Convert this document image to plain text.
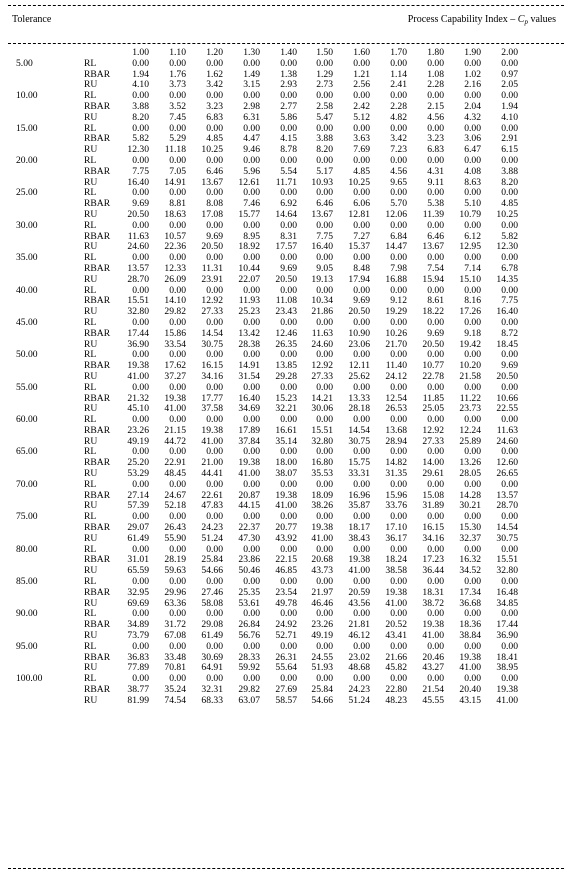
Tolerance	Process Capability Index – $C_p$ values
1.00 1.10 1.20 1.30 1.40 1.50 1.60 1.70 1.80 1.90 2.00
5.00	RL	0.00 0.00 0.00 0.00 0.00 0.00 0.00 0.00 0.00 0.00 0.00
RBAR 1.94 1.76 1.62 1.49 1.38 1.29 1.21 1.14 1.08 1.02 0.97
RU	4.10 3.73 3.42 3.15 2.93 2.73 2.56 2.41 2.28 2.16 2.05
10.00	RL	0.00 0.00 0.00 0.00 0.00 0.00 0.00 0.00 0.00 0.00 0.00
RBAR 3.88 3.52 3.23 2.98 2.77 2.58 2.42 2.28 2.15 2.04 1.94
RU	8.20 7.45 6.83 6.31 5.86 5.47 5.12 4.82 4.56 4.32 4.10
15.00	RL	0.00 0.00 0.00 0.00 0.00 0.00 0.00 0.00 0.00 0.00 0.00
RBAR 5.82 5.29 4.85 4.47 4.15 3.88 3.63 3.42 3.23 3.06 2.91
RU	12.30 11.18 10.25 9.46 8.78 8.20 7.69 7.23 6.83 6.47 6.15
20.00	RL	0.00 0.00 0.00 0.00 0.00 0.00 0.00 0.00 0.00 0.00 0.00
RBAR 7.75 7.05 6.46 5.96 5.54 5.17 4.85 4.56 4.31 4.08 3.88
RU	16.40 14.91 13.67 12.61 11.71 10.93 10.25 9.65 9.11 8.63 8.20
25.00	RL	0.00 0.00 0.00 0.00 0.00 0.00 0.00 0.00 0.00 0.00 0.00
RBAR 9.69 8.81 8.08 7.46 6.92 6.46 6.06 5.70 5.38 5.10 4.85
RU	20.50 18.63 17.08 15.77 14.64 13.67 12.81 12.06 11.39 10.79 10.25
30.00	RL	0.00 0.00 0.00 0.00 0.00 0.00 0.00 0.00 0.00 0.00 0.00
RBAR 11.63 10.57 9.69 8.95 8.31 7.75 7.27 6.84 6.46 6.12 5.82
RU	24.60 22.36 20.50 18.92 17.57 16.40 15.37 14.47 13.67 12.95 12.30
35.00	RL	0.00 0.00 0.00 0.00 0.00 0.00 0.00 0.00 0.00 0.00 0.00
RBAR 13.57 12.33 11.31 10.44 9.69 9.05 8.48 7.98 7.54 7.14 6.78
RU	28.70 26.09 23.91 22.07 20.50 19.13 17.94 16.88 15.94 15.10 14.35
40.00	RL	0.00 0.00 0.00 0.00 0.00 0.00 0.00 0.00 0.00 0.00 0.00
RBAR 15.51 14.10 12.92 11.93 11.08 10.34 9.69 9.12 8.61 8.16 7.75
RU	32.80 29.82 27.33 25.23 23.43 21.86 20.50 19.29 18.22 17.26 16.40
45.00	RL	0.00 0.00 0.00 0.00 0.00 0.00 0.00 0.00 0.00 0.00 0.00
RBAR 17.44 15.86 14.54 13.42 12.46 11.63 10.90 10.26 9.69 9.18 8.72
RU	36.90 33.54 30.75 28.38 26.35 24.60 23.06 21.70 20.50 19.42 18.45
50.00	RL	0.00 0.00 0.00 0.00 0.00 0.00 0.00 0.00 0.00 0.00 0.00
RBAR 19.38 17.62 16.15 14.91 13.85 12.92 12.11 11.40 10.77 10.20 9.69
RU	41.00 37.27 34.16 31.54 29.28 27.33 25.62 24.12 22.78 21.58 20.50
55.00	RL	0.00 0.00 0.00 0.00 0.00 0.00 0.00 0.00 0.00 0.00 0.00
RBAR 21.32 19.38 17.77 16.40 15.23 14.21 13.33 12.54 11.85 11.22 10.66
RU	45.10 41.00 37.58 34.69 32.21 30.06 28.18 26.53 25.05 23.73 22.55
60.00	RL	0.00 0.00 0.00 0.00 0.00 0.00 0.00 0.00 0.00 0.00 0.00
RBAR 23.26 21.15 19.38 17.89 16.61 15.51 14.54 13.68 12.92 12.24 11.63
RU	49.19 44.72 41.00 37.84 35.14 32.80 30.75 28.94 27.33 25.89 24.60
65.00	RL	0.00 0.00 0.00 0.00 0.00 0.00 0.00 0.00 0.00 0.00 0.00
RBAR 25.20 22.91 21.00 19.38 18.00 16.80 15.75 14.82 14.00 13.26 12.60
RU	53.29 48.45 44.41 41.00 38.07 35.53 33.31 31.35 29.61 28.05 26.65
70.00	RL	0.00 0.00 0.00 0.00 0.00 0.00 0.00 0.00 0.00 0.00 0.00
RBAR 27.14 24.67 22.61 20.87 19.38 18.09 16.96 15.96 15.08 14.28 13.57
RU	57.39 52.18 47.83 44.15 41.00 38.26 35.87 33.76 31.89 30.21 28.70
75.00	RL	0.00 0.00 0.00 0.00 0.00 0.00 0.00 0.00 0.00 0.00 0.00
RBAR 29.07 26.43 24.23 22.37 20.77 19.38 18.17 17.10 16.15 15.30 14.54
RU	61.49 55.90 51.24 47.30 43.92 41.00 38.43 36.17 34.16 32.37 30.75
80.00	RL	0.00 0.00 0.00 0.00 0.00 0.00 0.00 0.00 0.00 0.00 0.00
RBAR 31.01 28.19 25.84 23.86 22.15 20.68 19.38 18.24 17.23 16.32 15.51
RU	65.59 59.63 54.66 50.46 46.85 43.73 41.00 38.58 36.44 34.52 32.80
85.00	RL	0.00 0.00 0.00 0.00 0.00 0.00 0.00 0.00 0.00 0.00 0.00
RBAR 32.95 29.96 27.46 25.35 23.54 21.97 20.59 19.38 18.31 17.34 16.48
RU	69.69 63.36 58.08 53.61 49.78 46.46 43.56 41.00 38.72 36.68 34.85
90.00	RL	0.00 0.00 0.00 0.00 0.00 0.00 0.00 0.00 0.00 0.00 0.00
RBAR 34.89 31.72 29.08 26.84 24.92 23.26 21.81 20.52 19.38 18.36 17.44
RU	73.79 67.08 61.49 56.76 52.71 49.19 46.12 43.41 41.00 38.84 36.90
95.00	RL	0.00 0.00 0.00 0.00 0.00 0.00 0.00 0.00 0.00 0.00 0.00
RBAR 36.83 33.48 30.69 28.33 26.31 24.55 23.02 21.66 20.46 19.38 18.41
RU	77.89 70.81 64.91 59.92 55.64 51.93 48.68 45.82 43.27 41.00 38.95
100.00	RL	0.00 0.00 0.00 0.00 0.00 0.00 0.00 0.00 0.00 0.00 0.00
RBAR 38.77 35.24 32.31 29.82 27.69 25.84 24.23 22.80 21.54 20.40 19.38
RU	81.99 74.54 68.33 63.07 58.57 54.66 51.24 48.23 45.55 43.15 41.00
